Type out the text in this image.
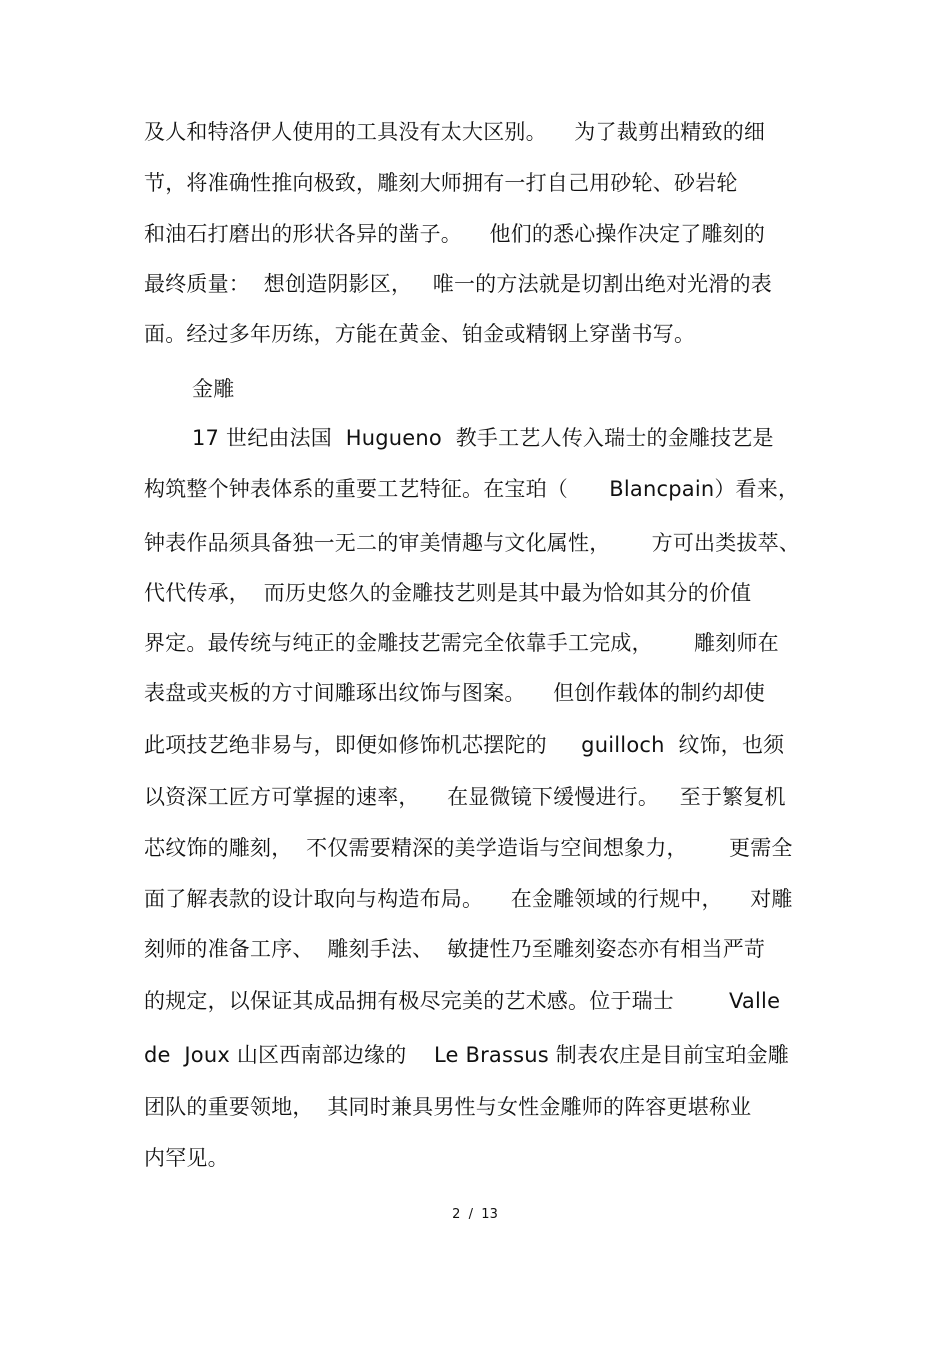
及人和特洛伊人使用的工具没有太大区别。    为了裁剪出精致的细
节，将准确性推向极致，雕刻大师拥有一打自己用砂轮、砂岩轮
和油石打磨出的形状各异的凿子。    他们的悉心操作决定了雕刻的
最终质量：  想创造阴影区，   唯一的方法就是切割出绝对光滑的表
面。经过多年历练，方能在黄金、铂金或精钢上穿凿书写。
金雕
17 世纪由法国  Hugueno  教手工艺人传入瑞士的金雕技艺是
构筑整个钟表体系的重要工艺特征。在宝珀（      Blancpain）看来，
钟表作品须具备独一无二的审美情趣与文化属性，      方可出类拔萃、
代代传承，  而历史悠久的金雕技艺则是其中最为恰如其分的价值
界定。最传统与纯正的金雕技艺需完全依靠手工完成，      雕刻师在
表盘或夹板的方寸间雕琢出纹饰与图案。    但创作载体的制约却使
此项技艺绝非易与，即便如修饰机芯摆陀的     guilloch  纹饰，也须
以资深工匠方可掌握的速率，    在显微镜下缓慢进行。   至于繁复机
芯纹饰的雕刻，  不仅需要精深的美学造诣与空间想象力，      更需全
面了解表款的设计取向与构造布局。    在金雕领域的行规中，    对雕
刻师的准备工序、  雕刻手法、  敏捷性乃至雕刻姿态亦有相当严苛
的规定，以保证其成品拥有极尽完美的艺术感。位于瑞士        Valle
de  Joux 山区西南部边缘的    Le Brassus 制表农庄是目前宝珀金雕
团队的重要领地，  其同时兼具男性与女性金雕师的阵容更堪称业
内罕见。
2  /  13
